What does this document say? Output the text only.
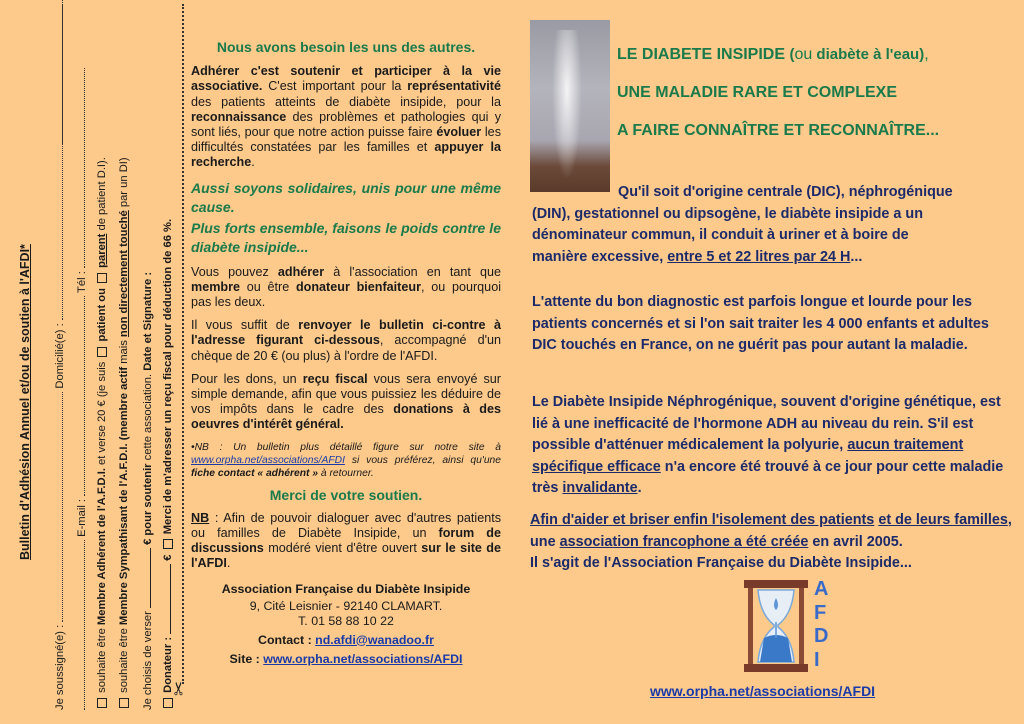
Bulletin d'Adhésion Annuel et/ou de soutien à l'AFDI*
Je soussigné(e) :  Domicilié(e) :
E-mail :  Tél :
souhaite être Membre Adhérent de l'A.F.D.I. et verse 20 € (je suis  patient ou  parent de patient D.I).
souhaite être Membre Sympathisant de l'A.F.D.I. (membre actif mais non directement touché par un DI)
Je choisis de verser  € pour soutenir cette association. Date et Signature :
Donateur :  €  Merci de m'adresser un reçu fiscal pour déduction de 66 %.
✂

Nous avons besoin les uns des autres.

Adhérer c'est soutenir et participer à la vie associative. C'est important pour la représentativité des patients atteints de diabète insipide, pour la reconnaissance des problèmes et pathologies qui y sont liés, pour que notre action puisse faire évoluer les difficultés constatées par les familles et appuyer la recherche.

Aussi soyons solidaires, unis pour une même cause.

Plus forts ensemble, faisons le poids contre le diabète insipide...

Vous pouvez adhérer à l'association en tant que membre ou être donateur bienfaiteur, ou pourquoi pas les deux.

Il vous suffit de renvoyer le bulletin ci-contre à l'adresse figurant ci-dessous, accompagné d'un chèque de 20 € (ou plus) à l'ordre de l'AFDI.

Pour les dons, un reçu fiscal vous sera envoyé sur simple demande, afin que vous puissiez les déduire de vos impôts dans le cadre des donations à des oeuvres d'intérêt général.

•NB : Un bulletin plus détaillé figure sur notre site à www.orpha.net/associations/AFDI si vous préférez, ainsi qu'une fiche contact « adhérent » à retourner.

Merci de votre soutien.

NB : Afin de pouvoir dialoguer avec d'autres patients ou familles de Diabète Insipide, un forum de discussions modéré vient d'être ouvert sur le site de l'AFDI.

Association Française du Diabète Insipide

9, Cité Leisnier - 92140 CLAMART.

T. 01 58 88 10 22

Contact : nd.afdi@wanadoo.fr

Site : www.orpha.net/associations/AFDI

LE DIABETE INSIPIDE (ou diabète à l'eau),
UNE MALADIE RARE ET COMPLEXE
A FAIRE CONNAÎTRE ET RECONNAÎTRE...
Qu'il soit d'origine centrale (DIC), néphrogénique
(DIN), gestationnel ou dipsogène, le diabète insipide a un
dénominateur commun, il conduit à uriner et à boire de
manière excessive, entre 5 et 22 litres par 24 H...
L'attente du bon diagnostic est parfois longue et lourde pour les patients concernés et si l'on sait traiter les 4 000 enfants et adultes DIC touchés en France, on ne guérit pas pour autant la maladie.
Le Diabète Insipide Néphrogénique, souvent d'origine génétique, est lié à une inefficacité de l'hormone ADH au niveau du rein. S'il est possible d'atténuer médicalement la polyurie, aucun traitement spécifique efficace n'a encore été trouvé à ce jour pour cette maladie très invalidante.
Afin d'aider et briser enfin l'isolement des patients et de leurs familles, une association francophone a été créée en avril 2005.
Il s'agit de l'Association Française du Diabète Insipide...
A
F
D
I
www.orpha.net/associations/AFDI
